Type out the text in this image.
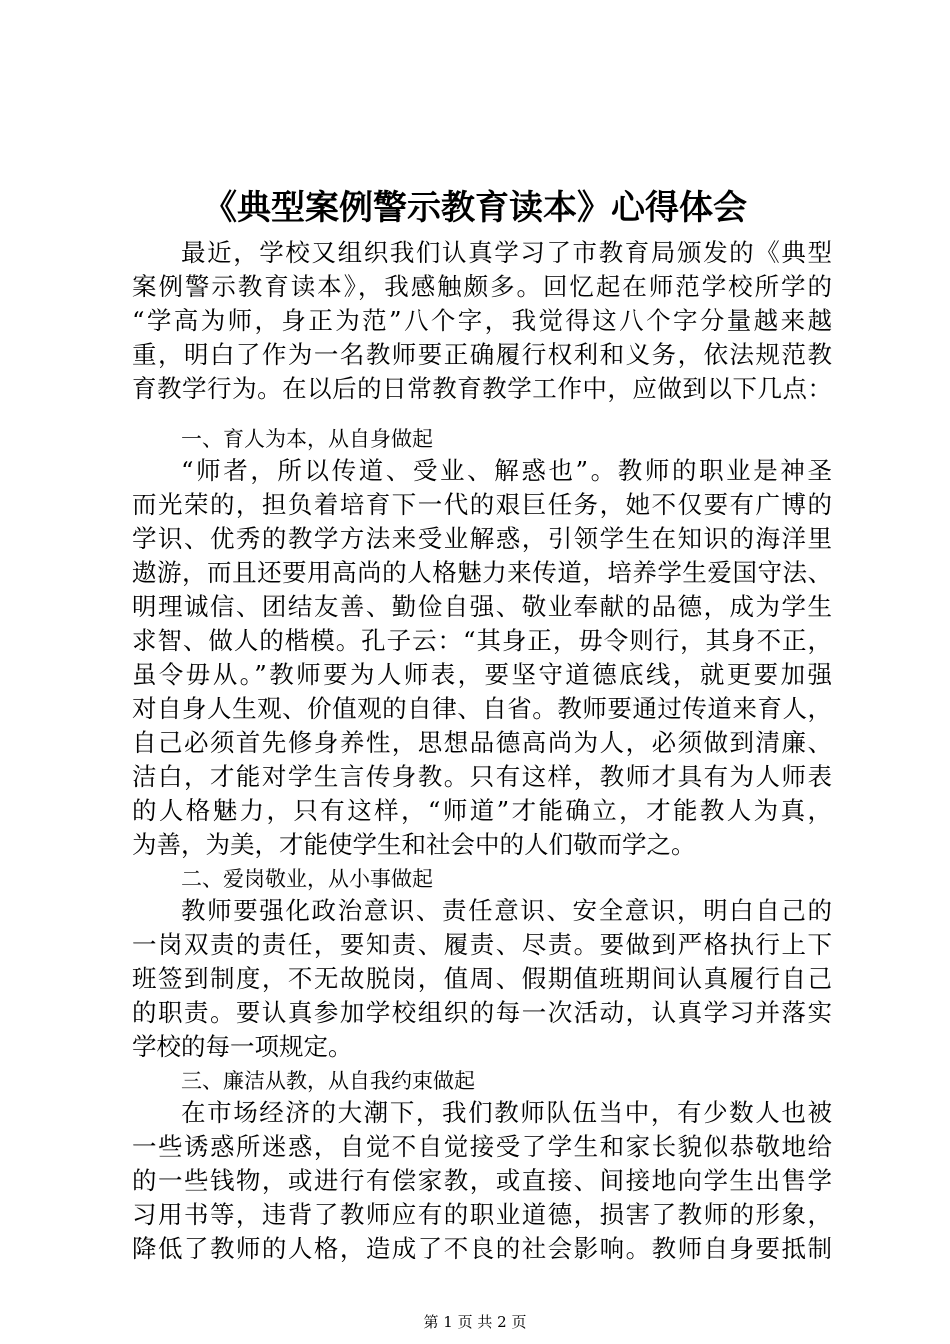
《典型案例警示教育读本》心得体会
最近，学校又组织我们认真学习了市教育局颁发的《典型
案例警示教育读本》，我感触颇多。回忆起在师范学校所学的
“学高为师，身正为范”八个字，我觉得这八个字分量越来越
重，明白了作为一名教师要正确履行权利和义务，依法规范教
育教学行为。在以后的日常教育教学工作中，应做到以下几点：
一、育人为本，从自身做起
“师者，所以传道、受业、解惑也”。教师的职业是神圣
而光荣的，担负着培育下一代的艰巨任务，她不仅要有广博的
学识、优秀的教学方法来受业解惑，引领学生在知识的海洋里
遨游，而且还要用高尚的人格魅力来传道，培养学生爱国守法、
明理诚信、团结友善、勤俭自强、敬业奉献的品德，成为学生
求智、做人的楷模。孔子云：“其身正，毋令则行，其身不正，
虽令毋从。”教师要为人师表，要坚守道德底线，就更要加强
对自身人生观、价值观的自律、自省。教师要通过传道来育人，
自己必须首先修身养性，思想品德高尚为人，必须做到清廉、
洁白，才能对学生言传身教。只有这样，教师才具有为人师表
的人格魅力，只有这样，“师道”才能确立，才能教人为真，
为善，为美，才能使学生和社会中的人们敬而学之。
二、爱岗敬业，从小事做起
教师要强化政治意识、责任意识、安全意识，明白自己的
一岗双责的责任，要知责、履责、尽责。要做到严格执行上下
班签到制度，不无故脱岗，值周、假期值班期间认真履行自己
的职责。要认真参加学校组织的每一次活动，认真学习并落实
学校的每一项规定。
三、廉洁从教，从自我约束做起
在市场经济的大潮下，我们教师队伍当中，有少数人也被
一些诱惑所迷惑，自觉不自觉接受了学生和家长貌似恭敬地给
的一些钱物，或进行有偿家教，或直接、间接地向学生出售学
习用书等，违背了教师应有的职业道德，损害了教师的形象，
降低了教师的人格，造成了不良的社会影响。教师自身要抵制
第 1 页 共 2 页
